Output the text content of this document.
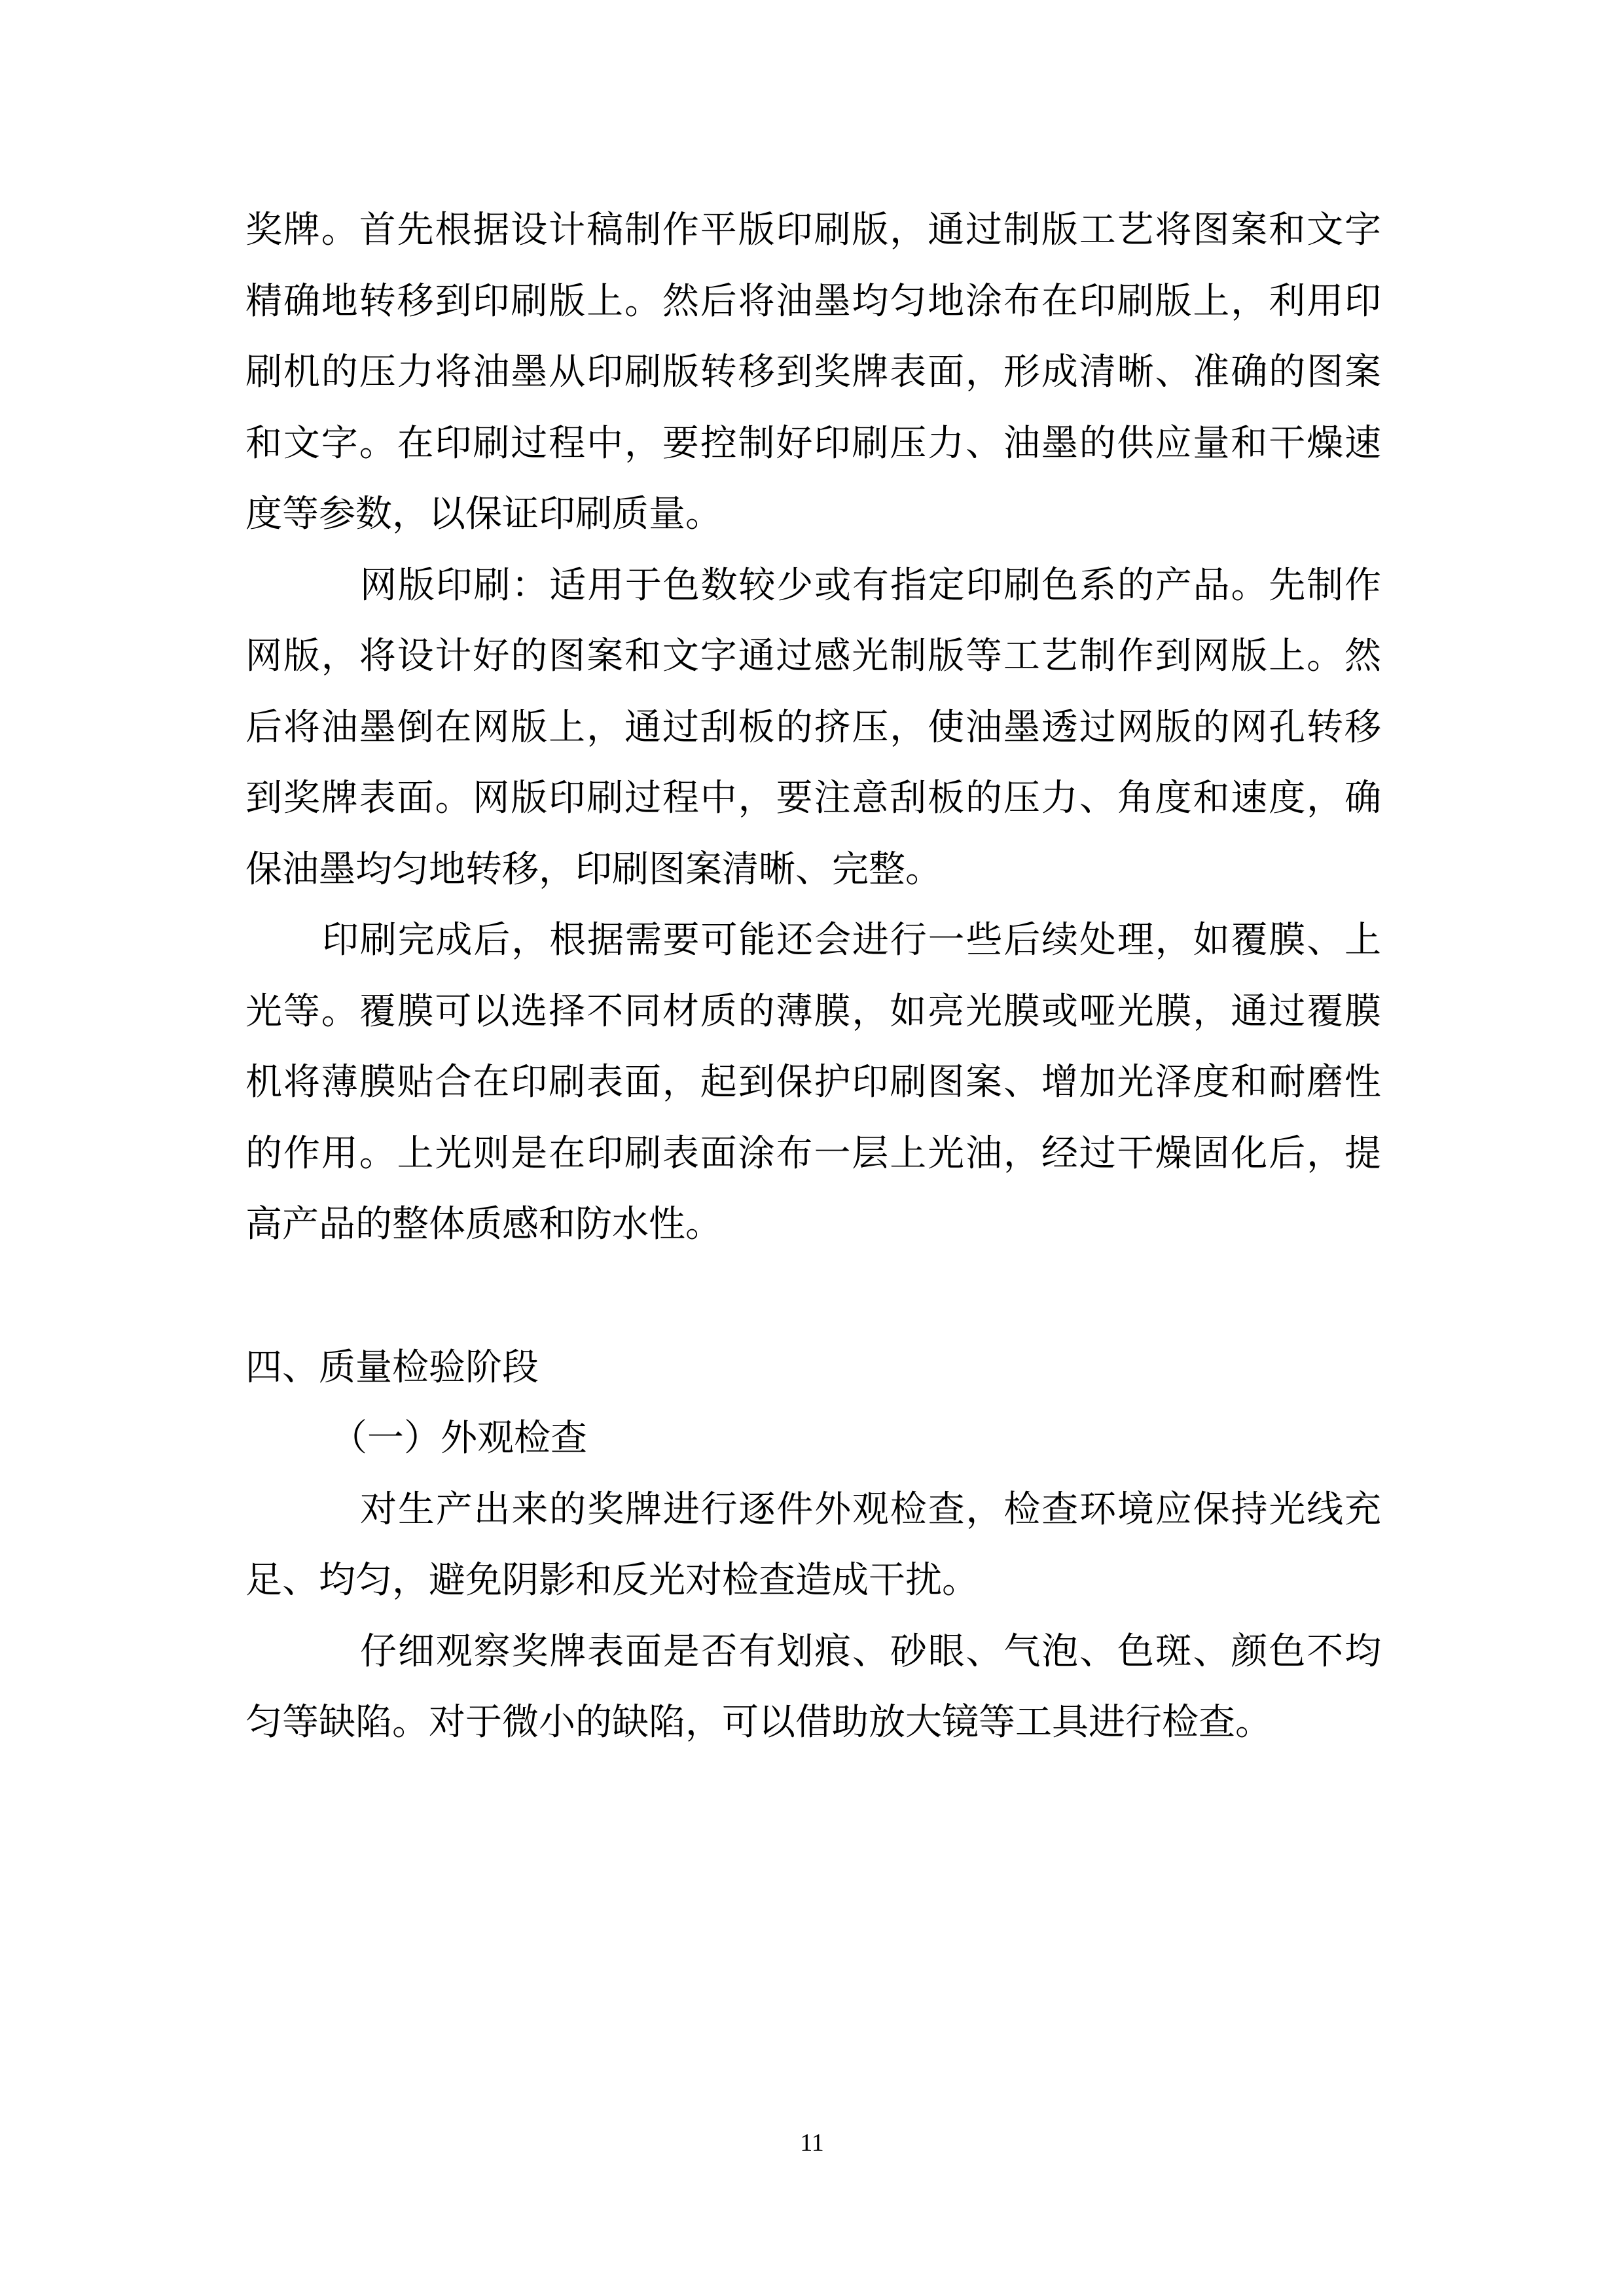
奖牌。首先根据设计稿制作平版印刷版，通过制版工艺将图案和文字精确地转移到印刷版上。然后将油墨均匀地涂布在印刷版上，利用印刷机的压力将油墨从印刷版转移到奖牌表面，形成清晰、准确的图案和文字。在印刷过程中，要控制好印刷压力、油墨的供应量和干燥速度等参数，以保证印刷质量。

网版印刷：适用于色数较少或有指定印刷色系的产品。先制作网版，将设计好的图案和文字通过感光制版等工艺制作到网版上。然后将油墨倒在网版上，通过刮板的挤压，使油墨透过网版的网孔转移到奖牌表面。网版印刷过程中，要注意刮板的压力、角度和速度，确保油墨均匀地转移，印刷图案清晰、完整。

印刷完成后，根据需要可能还会进行一些后续处理，如覆膜、上光等。覆膜可以选择不同材质的薄膜，如亮光膜或哑光膜，通过覆膜机将薄膜贴合在印刷表面，起到保护印刷图案、增加光泽度和耐磨性的作用。上光则是在印刷表面涂布一层上光油，经过干燥固化后，提高产品的整体质感和防水性。

四、质量检验阶段

（一）外观检查

对生产出来的奖牌进行逐件外观检查，检查环境应保持光线充足、均匀，避免阴影和反光对检查造成干扰。

仔细观察奖牌表面是否有划痕、砂眼、气泡、色斑、颜色不均匀等缺陷。对于微小的缺陷，可以借助放大镜等工具进行检查。

11
